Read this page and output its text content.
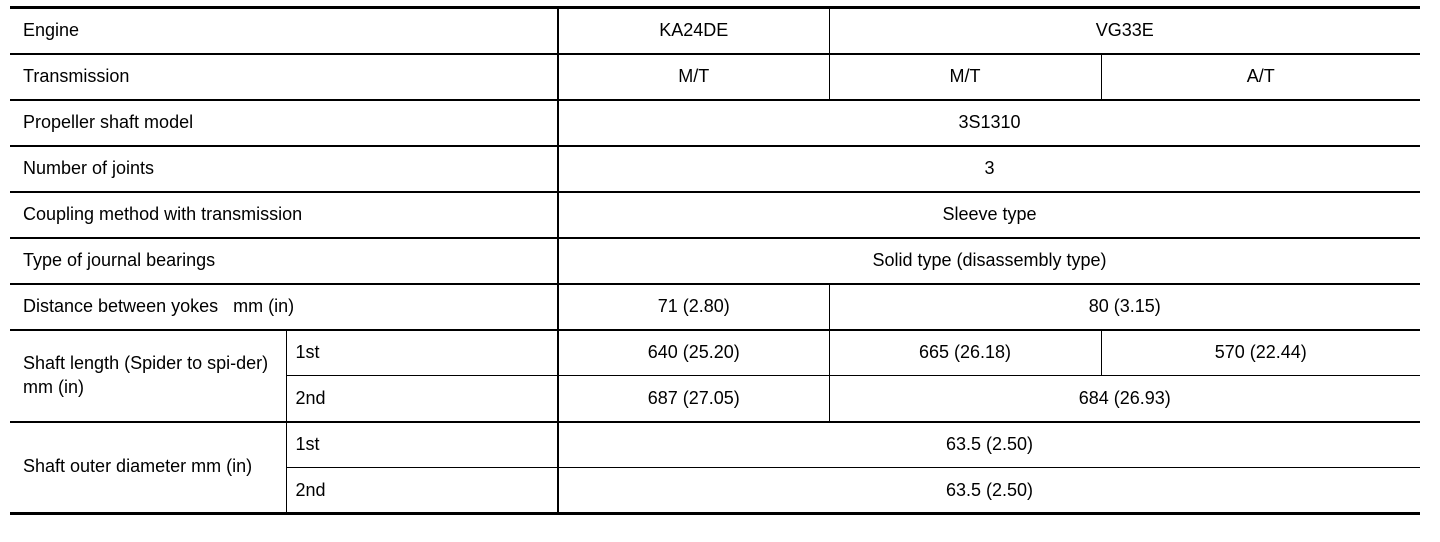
Engine		KA24DE	VG33E	
Transmission		M/T	M/T	A/T
Propeller shaft model		3S1310		
Number of joints		3		
Coupling method with transmission		Sleeve type		
Type of journal bearings		Solid type (disassembly type)		
Distance between yokes   mm (in)		71 (2.80)	80 (3.15)	
Shaft length (Spider to spi-der) mm (in)	1st	640 (25.20)	665 (26.18)	570 (22.44)
	2nd	687 (27.05)	684 (26.93)	
Shaft outer diameter mm (in)	1st	63.5 (2.50)		
	2nd	63.5 (2.50)		
